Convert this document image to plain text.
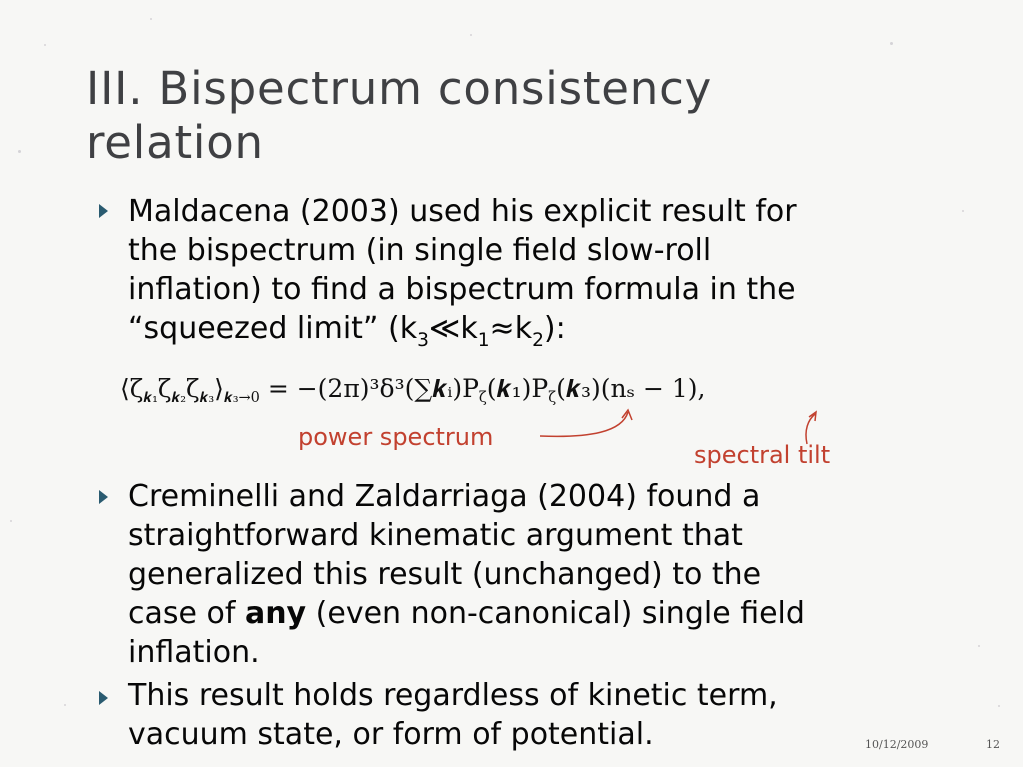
III. Bispectrum consistency relation
Maldacena (2003) used his explicit result for
the bispectrum (in single field slow-roll
inflation) to find a bispectrum formula in the
“squeezed limit” $(k_3≪k_1\approx k_2)$:
$⟨\zeta_{𝒌_1}\zeta_{𝒌_2}\zeta_{𝒌_3}⟩_{𝒌_3\to 0}$ = $-(2\pi)^3\delta^3(\sum 𝒌ᵢ)P_\zeta(𝒌_1)P_\zeta(𝒌_3)(n_s - 1)$,
power spectrum
spectral tilt
Creminelli and Zaldarriaga (2004) found a
straightforward kinematic argument that
generalized this result (unchanged) to the
case of any (even non-canonical) single field
inflation.
This result holds regardless of kinetic term,
vacuum state, or form of potential.	10/12/2009	12
